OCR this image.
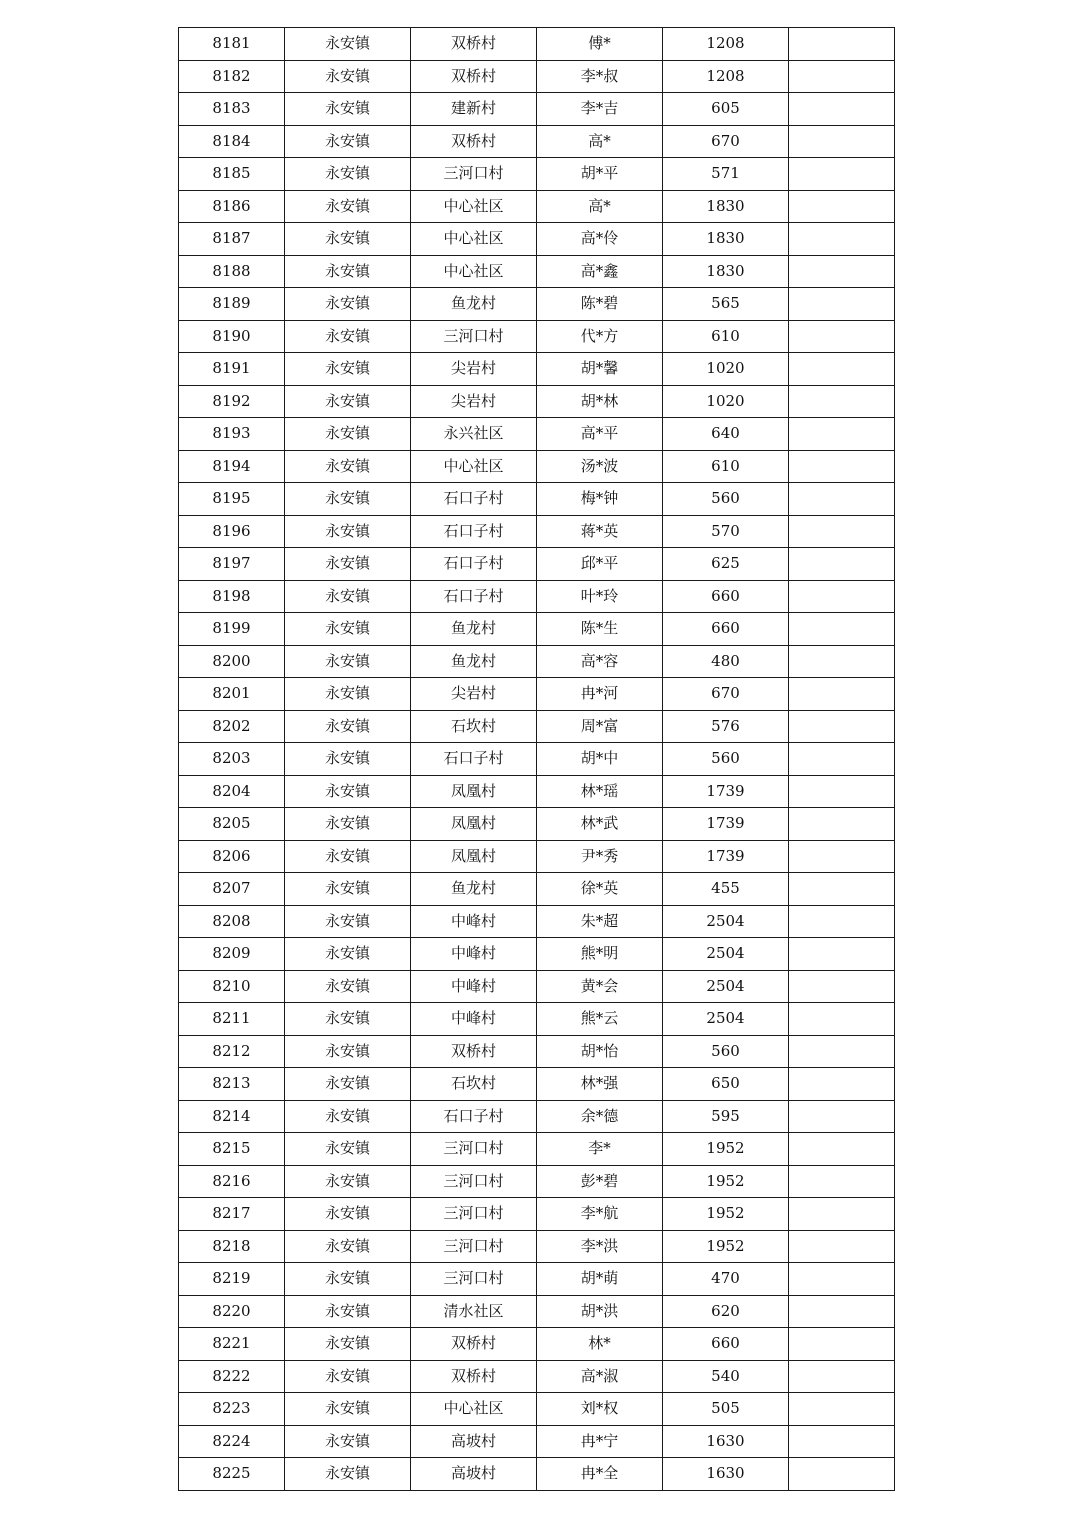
8181	永安镇	双桥村	傅*	1208	
8182	永安镇	双桥村	李*叔	1208	
8183	永安镇	建新村	李*吉	605	
8184	永安镇	双桥村	高*	670	
8185	永安镇	三河口村	胡*平	571	
8186	永安镇	中心社区	高*	1830	
8187	永安镇	中心社区	高*伶	1830	
8188	永安镇	中心社区	高*鑫	1830	
8189	永安镇	鱼龙村	陈*碧	565	
8190	永安镇	三河口村	代*方	610	
8191	永安镇	尖岩村	胡*馨	1020	
8192	永安镇	尖岩村	胡*林	1020	
8193	永安镇	永兴社区	高*平	640	
8194	永安镇	中心社区	汤*波	610	
8195	永安镇	石口子村	梅*钟	560	
8196	永安镇	石口子村	蒋*英	570	
8197	永安镇	石口子村	邱*平	625	
8198	永安镇	石口子村	叶*玲	660	
8199	永安镇	鱼龙村	陈*生	660	
8200	永安镇	鱼龙村	高*容	480	
8201	永安镇	尖岩村	冉*河	670	
8202	永安镇	石坎村	周*富	576	
8203	永安镇	石口子村	胡*中	560	
8204	永安镇	凤凰村	林*瑶	1739	
8205	永安镇	凤凰村	林*武	1739	
8206	永安镇	凤凰村	尹*秀	1739	
8207	永安镇	鱼龙村	徐*英	455	
8208	永安镇	中峰村	朱*超	2504	
8209	永安镇	中峰村	熊*明	2504	
8210	永安镇	中峰村	黄*会	2504	
8211	永安镇	中峰村	熊*云	2504	
8212	永安镇	双桥村	胡*怡	560	
8213	永安镇	石坎村	林*强	650	
8214	永安镇	石口子村	余*德	595	
8215	永安镇	三河口村	李*	1952	
8216	永安镇	三河口村	彭*碧	1952	
8217	永安镇	三河口村	李*航	1952	
8218	永安镇	三河口村	李*洪	1952	
8219	永安镇	三河口村	胡*萌	470	
8220	永安镇	清水社区	胡*洪	620	
8221	永安镇	双桥村	林*	660	
8222	永安镇	双桥村	高*淑	540	
8223	永安镇	中心社区	刘*权	505	
8224	永安镇	高坡村	冉*宁	1630	
8225	永安镇	高坡村	冉*全	1630	
